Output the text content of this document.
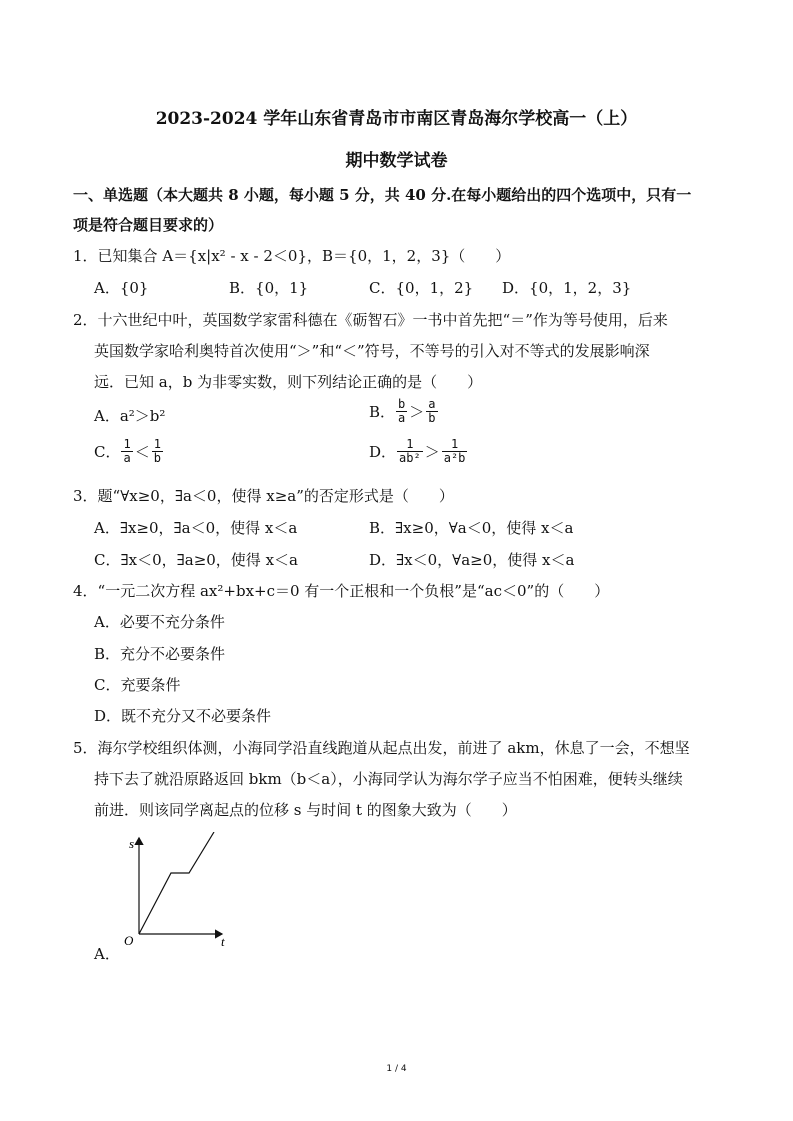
2023-2024 学年山东省青岛市市南区青岛海尔学校高一（上）
期中数学试卷
一、单选题（本大题共 8 小题，每小题 5 分，共 40 分.在每小题给出的四个选项中，只有一
项是符合题目要求的）
1．已知集合 A＝{x|x² - x - 2＜0}，B＝{0，1，2，3}（　　）
A．{0}	B．{0，1}	C．{0，1，2} D．{0，1，2，3}
2．十六世纪中叶，英国数学家雷科德在《砺智石》一书中首先把“＝”作为等号使用，后来
英国数学家哈利奥特首次使用“＞”和“＜”符号，不等号的引入对不等式的发展影响深
远．已知 a，b 为非零实数，则下列结论正确的是（　　）
A．a²＞b²	B． $\frac{b}{a} > \frac{a}{b}$
C． $\frac{1}{a} < \frac{1}{b}$	D． $\frac{1}{\text{ab²}} > \frac{1}{\text{a²b}}$
3．题“∀x≥0，∃a＜0，使得 x≥a”的否定形式是（　　）
A．∃x≥0，∃a＜0，使得 x＜a	B．∃x≥0，∀a＜0，使得 x＜a
C．∃x＜0，∃a≥0，使得 x＜a	D．∃x＜0，∀a≥0，使得 x＜a
4．“一元二次方程 ax²+bx+c＝0 有一个正根和一个负根”是“ac＜0”的（　　）
A．必要不充分条件
B．充分不必要条件
C．充要条件
D．既不充分又不必要条件
5．海尔学校组织体测，小海同学沿直线跑道从起点出发，前进了 akm，休息了一会，不想坚
持下去了就沿原路返回 bkm（b＜a），小海同学认为海尔学子应当不怕困难，便转头继续
前进．则该同学离起点的位移 s 与时间 t 的图象大致为（　　）
s
t
O
A．
1 / 4
